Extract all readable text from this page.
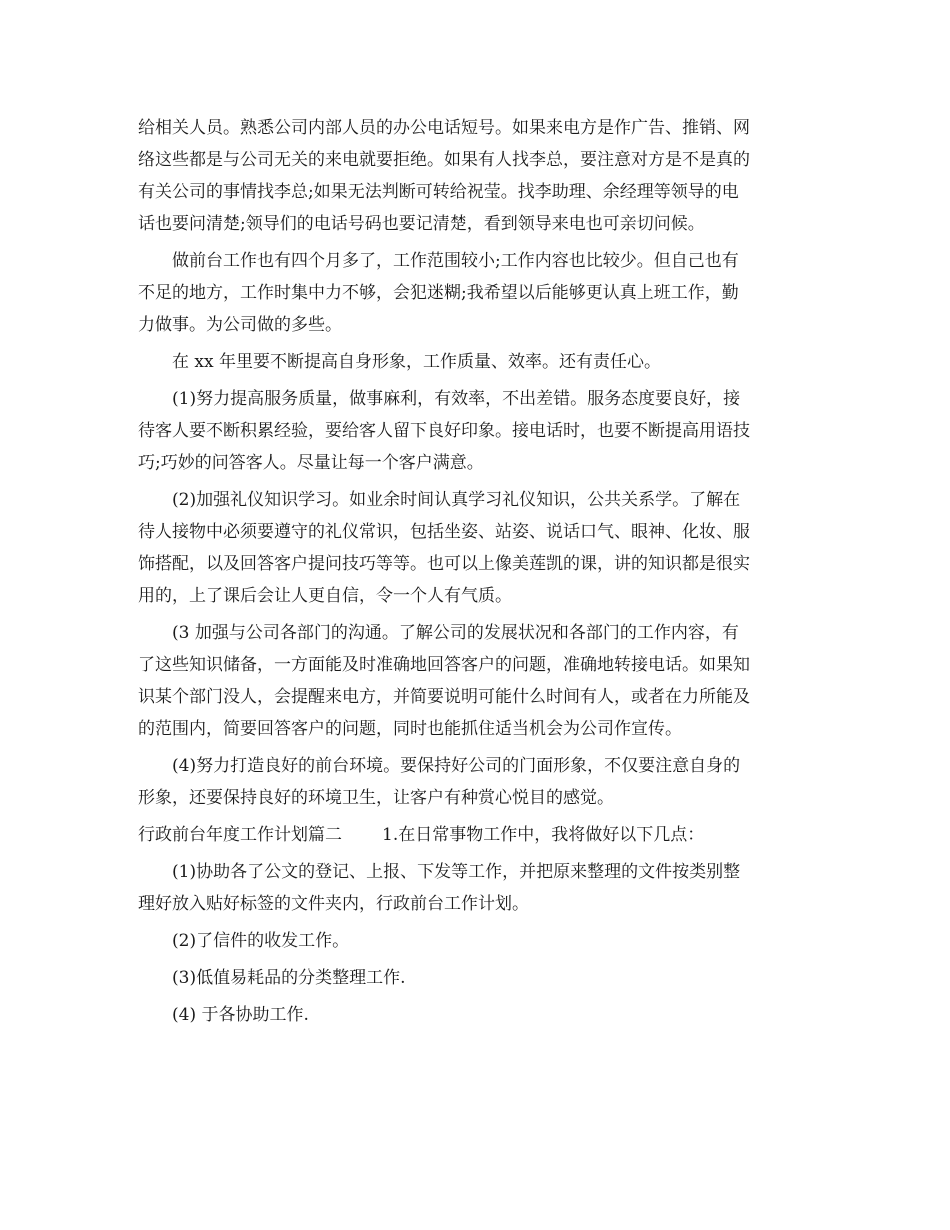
给相关人员。熟悉公司内部人员的办公电话短号。如果来电方是作广告、推销、网
络这些都是与公司无关的来电就要拒绝。如果有人找李总，要注意对方是不是真的
有关公司的事情找李总;如果无法判断可转给祝莹。找李助理、余经理等领导的电
话也要问清楚;领导们的电话号码也要记清楚，看到领导来电也可亲切问候。
做前台工作也有四个月多了，工作范围较小;工作内容也比较少。但自己也有
不足的地方，工作时集中力不够，会犯迷糊;我希望以后能够更认真上班工作，勤
力做事。为公司做的多些。
在 xx 年里要不断提高自身形象，工作质量、效率。还有责任心。
(1)努力提高服务质量，做事麻利，有效率，不出差错。服务态度要良好，接
待客人要不断积累经验，要给客人留下良好印象。接电话时，也要不断提高用语技
巧;巧妙的问答客人。尽量让每一个客户满意。
(2)加强礼仪知识学习。如业余时间认真学习礼仪知识，公共关系学。了解在
待人接物中必须要遵守的礼仪常识，包括坐姿、站姿、说话口气、眼神、化妆、服
饰搭配，以及回答客户提问技巧等等。也可以上像美莲凯的课，讲的知识都是很实
用的，上了课后会让人更自信，令一个人有气质。
(3 加强与公司各部门的沟通。了解公司的发展状况和各部门的工作内容，有
了这些知识储备，一方面能及时准确地回答客户的问题，准确地转接电话。如果知
识某个部门没人，会提醒来电方，并简要说明可能什么时间有人，或者在力所能及
的范围内，简要回答客户的问题，同时也能抓住适当机会为公司作宣传。
(4)努力打造良好的前台环境。要保持好公司的门面形象，不仅要注意自身的
形象，还要保持良好的环境卫生，让客户有种赏心悦目的感觉。
行政前台年度工作计划篇二 1.在日常事物工作中，我将做好以下几点：
(1)协助各了公文的登记、上报、下发等工作，并把原来整理的文件按类别整
理好放入贴好标签的文件夹内，行政前台工作计划。
(2)了信件的收发工作。
(3)低值易耗品的分类整理工作.
(4) 于各协助工作.
